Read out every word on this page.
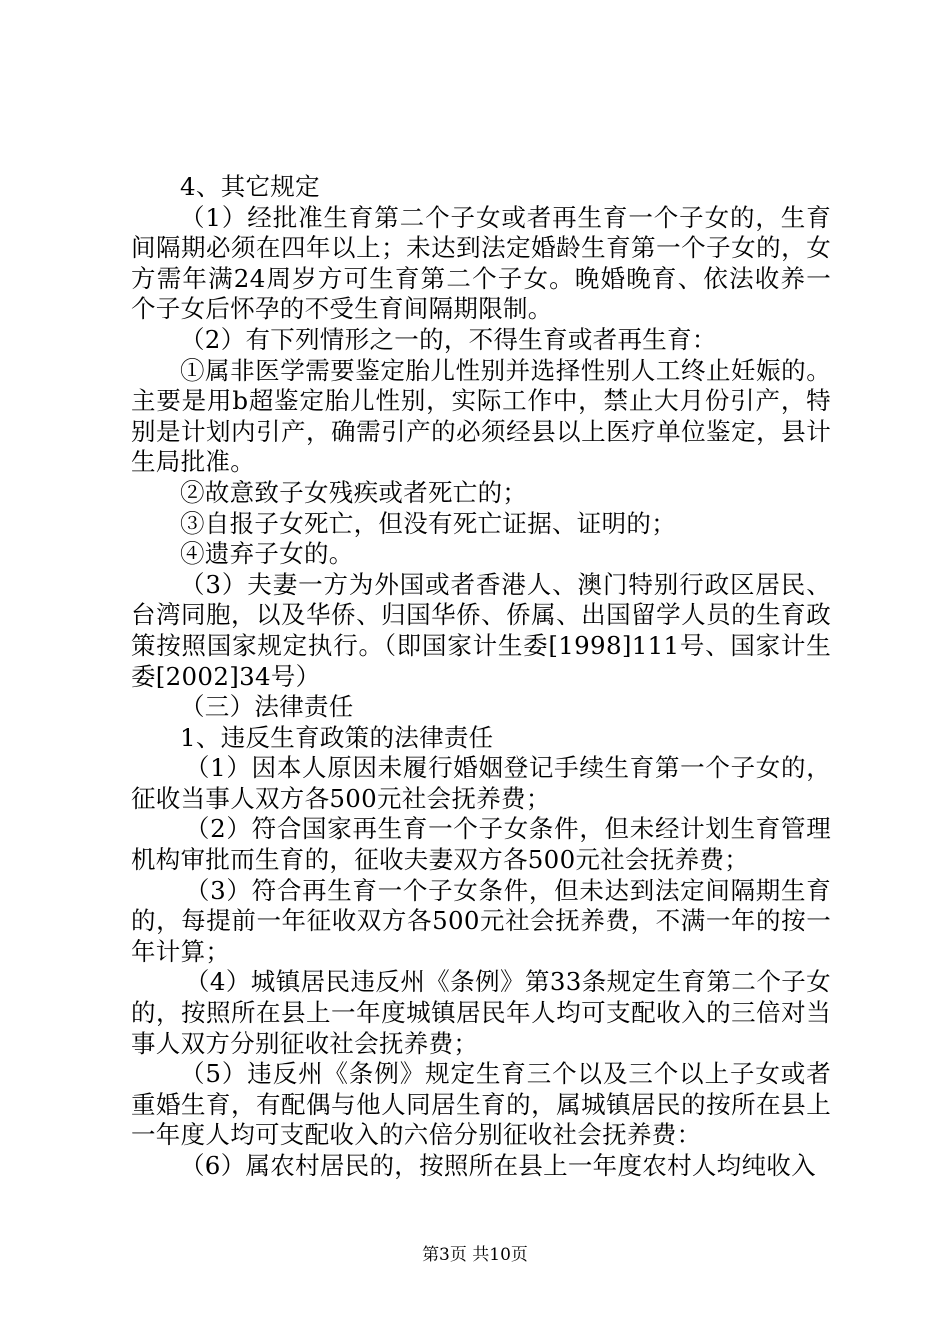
4、其它规定

（1）经批准生育第二个子女或者再生育一个子女的，生育间隔期必须在四年以上；未达到法定婚龄生育第一个子女的，女方需年满24周岁方可生育第二个子女。晚婚晚育、依法收养一个子女后怀孕的不受生育间隔期限制。

（2）有下列情形之一的，不得生育或者再生育：

①属非医学需要鉴定胎儿性别并选择性别人工终止妊娠的。主要是用b超鉴定胎儿性别，实际工作中，禁止大月份引产，特别是计划内引产，确需引产的必须经县以上医疗单位鉴定，县计生局批准。

②故意致子女残疾或者死亡的；

③自报子女死亡，但没有死亡证据、证明的；

④遗弃子女的。

（3）夫妻一方为外国或者香港人、澳门特别行政区居民、台湾同胞，以及华侨、归国华侨、侨属、出国留学人员的生育政策按照国家规定执行。（即国家计生委[1998]111号、国家计生委[2002]34号）

（三）法律责任

1、违反生育政策的法律责任

（1）因本人原因未履行婚姻登记手续生育第一个子女的，征收当事人双方各500元社会抚养费；

（2）符合国家再生育一个子女条件，但未经计划生育管理机构审批而生育的，征收夫妻双方各500元社会抚养费；

（3）符合再生育一个子女条件，但未达到法定间隔期生育的，每提前一年征收双方各500元社会抚养费，不满一年的按一年计算；

（4）城镇居民违反州《条例》第33条规定生育第二个子女的，按照所在县上一年度城镇居民年人均可支配收入的三倍对当事人双方分别征收社会抚养费；

（5）违反州《条例》规定生育三个以及三个以上子女或者重婚生育，有配偶与他人同居生育的，属城镇居民的按所在县上一年度人均可支配收入的六倍分别征收社会抚养费：

（6）属农村居民的，按照所在县上一年度农村人均纯收入

第3页 共10页
